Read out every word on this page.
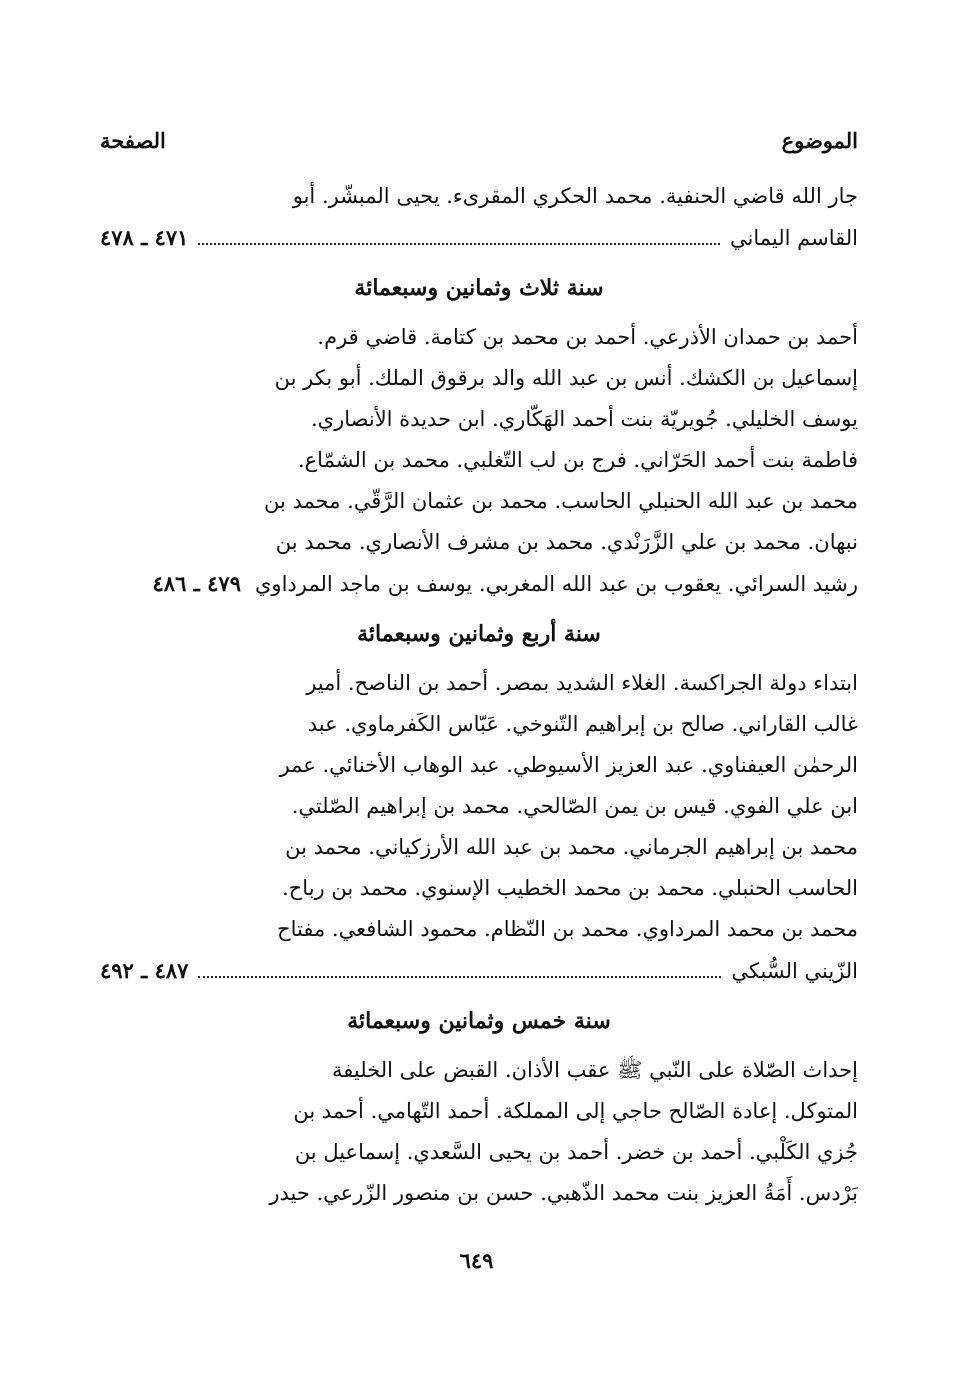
الموضوع
الصفحة
جار الله قاضي الحنفية. محمد الحكري المقرىء. يحيى المبشّر. أبو
القاسم اليماني
٤٧١ ـ ٤٧٨
سنة ثلاث وثمانين وسبعمائة
أحمد بن حمدان الأذرعي. أحمد بن محمد بن كتامة. قاضي قرم.
إسماعيل بن الكشك. أنس بن عبد الله والد برقوق الملك. أبو بكر بن
يوسف الخليلي. جُويريّة بنت أحمد الهَكّاري. ابن حديدة الأنصاري.
فاطمة بنت أحمد الحَرّاني. فرج بن لب التّغلبي. محمد بن الشمّاع.
محمد بن عبد الله الحنبلي الحاسب. محمد بن عثمان الرَّقّي. محمد بن
نبهان. محمد بن علي الزَّرَنْدي. محمد بن مشرف الأنصاري. محمد بن
رشيد السرائي. يعقوب بن عبد الله المغربي. يوسف بن ماجد المرداوي
٤٧٩ ـ ٤٨٦
سنة أربع وثمانين وسبعمائة
ابتداء دولة الجراكسة. الغلاء الشديد بمصر. أحمد بن الناصح. أمير
غالب القاراني. صالح بن إبراهيم التّنوخي. عَبّاس الكَفرماوي. عبد
الرحمٰن العيفناوي. عبد العزيز الأسيوطي. عبد الوهاب الأخنائي. عمر
ابن علي الفوي. قيس بن يمن الصّالحي. محمد بن إبراهيم الصّلتي.
محمد بن إبراهيم الجرماني. محمد بن عبد الله الأرزكياني. محمد بن
الحاسب الحنبلي. محمد بن محمد الخطيب الإسنوي. محمد بن رباح.
محمد بن محمد المرداوي. محمد بن النّظام. محمود الشافعي. مفتاح
الزّيني السُّبكي
٤٨٧ ـ ٤٩٢
سنة خمس وثمانين وسبعمائة
إحداث الصّلاة على النّبي ﷺ عقب الأذان. القبض على الخليفة
المتوكل. إعادة الصّالح حاجي إلى المملكة. أحمد التّهامي. أحمد بن
جُزي الكَلْبي. أحمد بن خضر. أحمد بن يحيى السَّعدي. إسماعيل بن
بَرْدس. أَمَةُ العزيز بنت محمد الذّهبي. حسن بن منصور الزّرعي. حيدر
٦٤٩
